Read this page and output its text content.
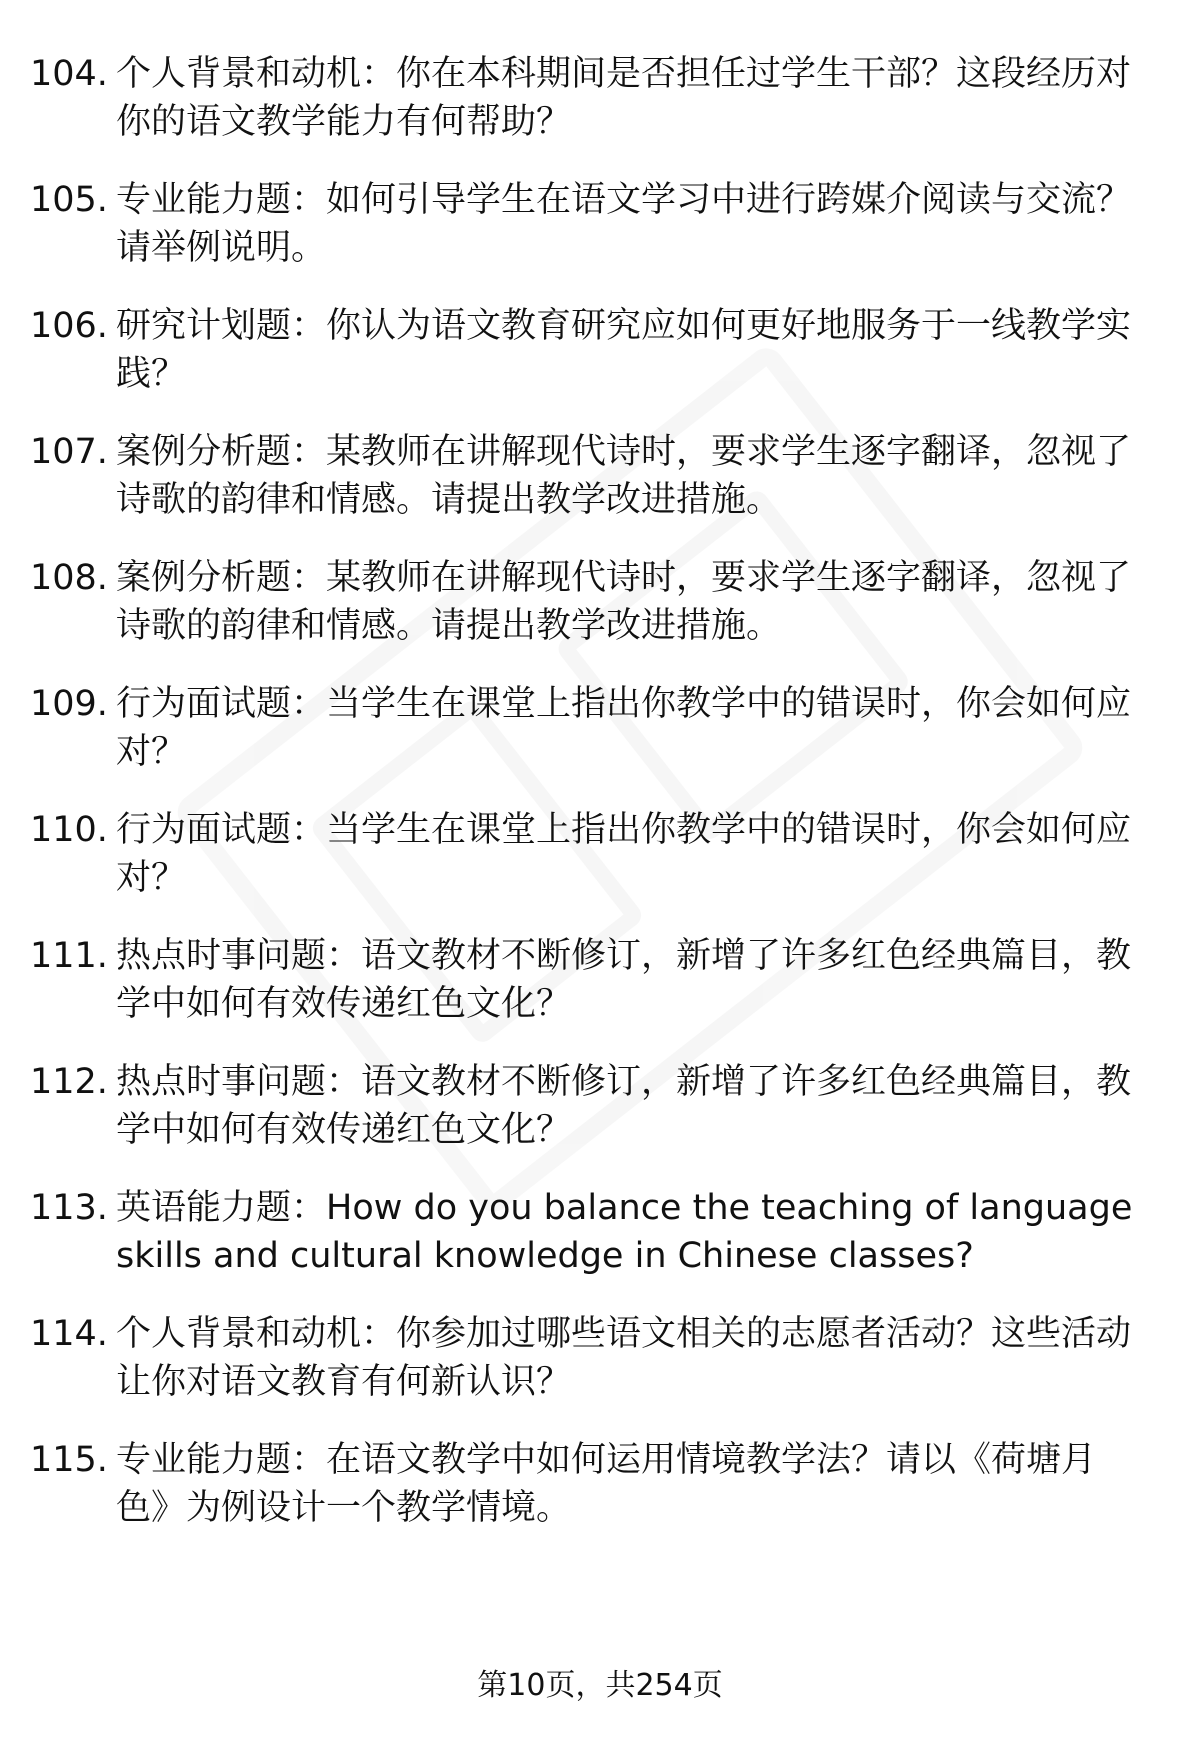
104. 个人背景和动机：你在本科期间是否担任过学生干部？这段经历对你的语文教学能力有何帮助？
105. 专业能力题：如何引导学生在语文学习中进行跨媒介阅读与交流？请举例说明。
106. 研究计划题：你认为语文教育研究应如何更好地服务于一线教学实践？
107. 案例分析题：某教师在讲解现代诗时，要求学生逐字翻译，忽视了诗歌的韵律和情感。请提出教学改进措施。
108. 案例分析题：某教师在讲解现代诗时，要求学生逐字翻译，忽视了诗歌的韵律和情感。请提出教学改进措施。
109. 行为面试题：当学生在课堂上指出你教学中的错误时，你会如何应对？
110. 行为面试题：当学生在课堂上指出你教学中的错误时，你会如何应对？
111. 热点时事问题：语文教材不断修订，新增了许多红色经典篇目，教学中如何有效传递红色文化？
112. 热点时事问题：语文教材不断修订，新增了许多红色经典篇目，教学中如何有效传递红色文化？
113. 英语能力题：How do you balance the teaching of language skills and cultural knowledge in Chinese classes?
114. 个人背景和动机：你参加过哪些语文相关的志愿者活动？这些活动让你对语文教育有何新认识？
115. 专业能力题：在语文教学中如何运用情境教学法？请以《荷塘月色》为例设计一个教学情境。
第10页，共254页
